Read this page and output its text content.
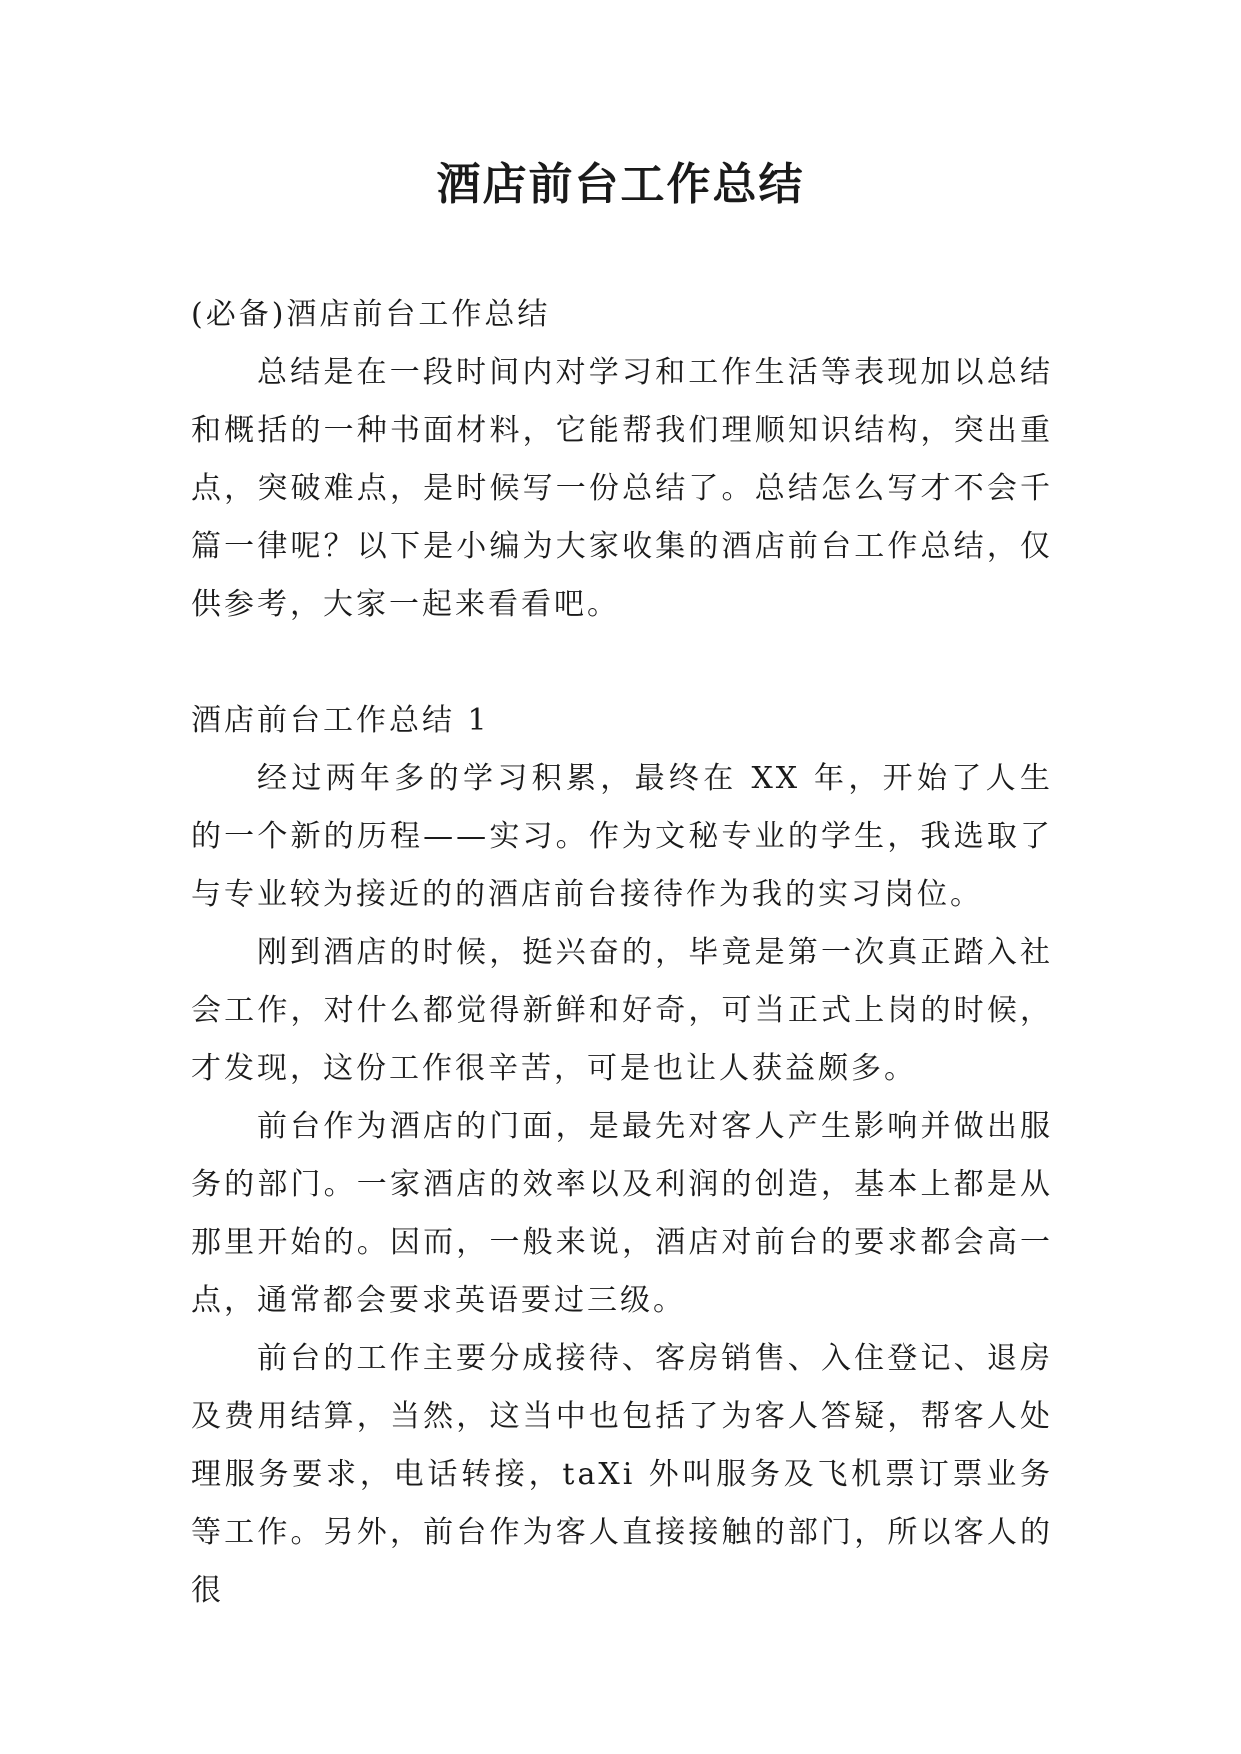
酒店前台工作总结

(必备)酒店前台工作总结

总结是在一段时间内对学习和工作生活等表现加以总结和概括的一种书面材料，它能帮我们理顺知识结构，突出重点，突破难点，是时候写一份总结了。总结怎么写才不会千篇一律呢？以下是小编为大家收集的酒店前台工作总结，仅供参考，大家一起来看看吧。

酒店前台工作总结 1

经过两年多的学习积累，最终在 XX 年，开始了人生的一个新的历程——实习。作为文秘专业的学生，我选取了与专业较为接近的的酒店前台接待作为我的实习岗位。

刚到酒店的时候，挺兴奋的，毕竟是第一次真正踏入社会工作，对什么都觉得新鲜和好奇，可当正式上岗的时候，才发现，这份工作很辛苦，可是也让人获益颇多。

前台作为酒店的门面，是最先对客人产生影响并做出服务的部门。一家酒店的效率以及利润的创造，基本上都是从那里开始的。因而，一般来说，酒店对前台的要求都会高一点，通常都会要求英语要过三级。

前台的工作主要分成接待、客房销售、入住登记、退房及费用结算，当然，这当中也包括了为客人答疑，帮客人处理服务要求，电话转接，taXi 外叫服务及飞机票订票业务等工作。另外，前台作为客人直接接触的部门，所以客人的很
